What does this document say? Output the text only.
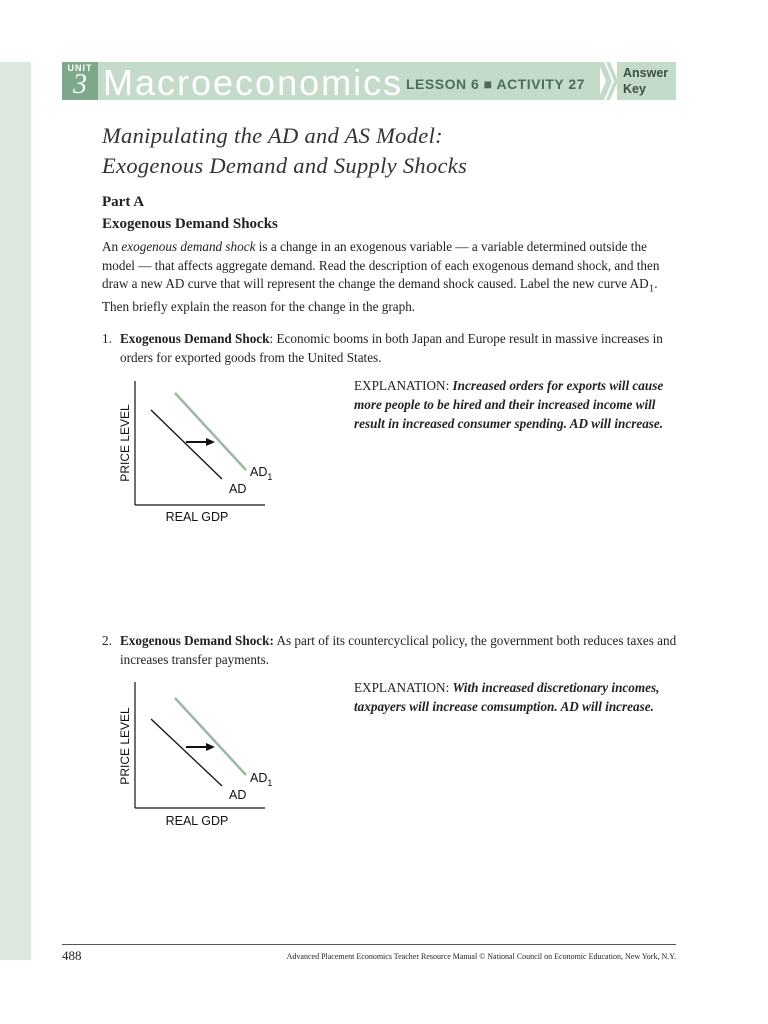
UNIT
3 Macroeconomics LESSON 6 ■ ACTIVITY 27
Answer Key
Manipulating the AD and AS Model:
Exogenous Demand and Supply Shocks
Part A
Exogenous Demand Shocks
An exogenous demand shock is a change in an exogenous variable — a variable determined outside the model — that affects aggregate demand. Read the description of each exogenous demand shock, and then draw a new AD curve that will represent the change the demand shock caused. Label the new curve $AD_1$. Then briefly explain the reason for the change in the graph.
1. Exogenous Demand Shock: Economic booms in both Japan and Europe result in massive increases in orders for exported goods from the United States.
EXPLANATION: Increased orders for exports will cause more people to be hired and their increased income will result in increased consumer spending. AD will increase.
PRICE LEVEL
REAL GDP
AD
$AD_1$
2. Exogenous Demand Shock: As part of its countercyclical policy, the government both reduces taxes and increases transfer payments.
EXPLANATION: With increased discretionary incomes, taxpayers will increase comsumption. AD will increase.
PRICE LEVEL
REAL GDP
AD
$AD_1$
488	Advanced Placement Economics Teacher Resource Manual © National Council on Economic Education, New York, N.Y.
